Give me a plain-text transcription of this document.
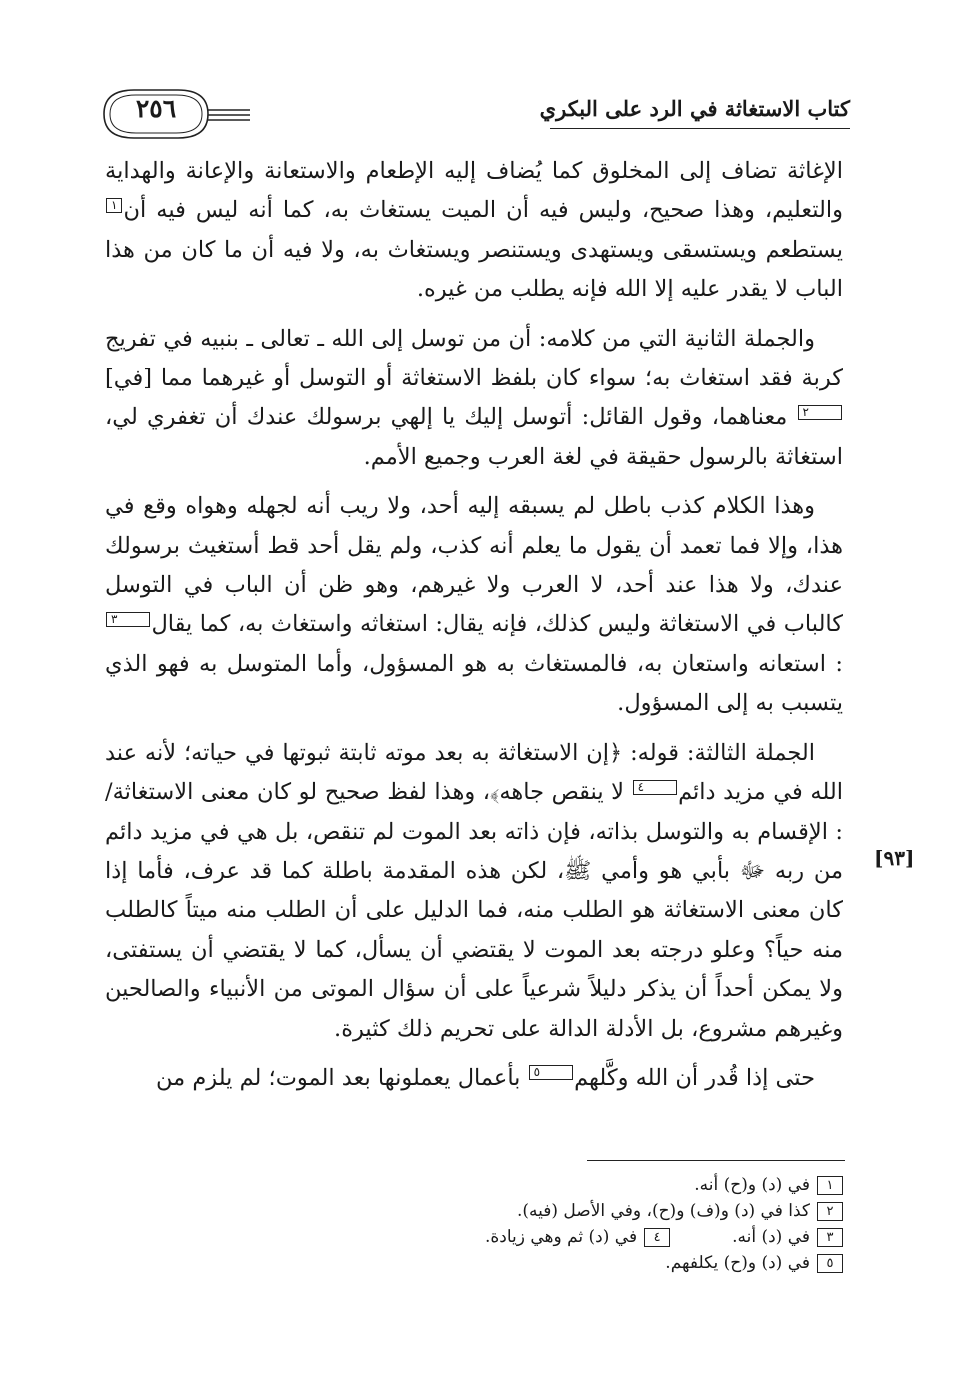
كتاب الاستغاثة في الرد على البكري
٢٥٦

الإغاثة تضاف إلى المخلوق كما يُضاف إليه الإطعام والاستعانة والإعانة والهداية والتعليم، وهذا صحيح، وليس فيه أن الميت يستغاث به، كما أنه ليس فيه أن١ يستطعم ويستسقى ويستهدى ويستنصر ويستغاث به، ولا فيه أن ما كان من هذا الباب لا يقدر عليه إلا الله فإنه يطلب من غيره.

والجملة الثانية التي من كلامه: أن من توسل إلى الله ـ تعالى ـ بنبيه في تفريج كربة فقد استغاث به؛ سواء كان بلفظ الاستغاثة أو التوسل أو غيرهما مما [في]٢ معناهما، وقول القائل: أتوسل إليك يا إلهي برسولك عندك أن تغفري لي، استغاثة بالرسول حقيقة في لغة العرب وجميع الأمم.

وهذا الكلام كذب باطل لم يسبقه إليه أحد، ولا ريب أنه لجهله وهواه وقع في هذا، وإلا فما تعمد أن يقول ما يعلم أنه كذب، ولم يقل أحد قط أستغيث برسولك عندك، ولا هذا عند أحد، لا العرب ولا غيرهم، وهو ظن أن الباب في التوسل كالباب في الاستغاثة وليس كذلك، فإنه يقال: استغاثه واستغاث به، كما يقال٣: استعانه واستعان به، فالمستغاث به هو المسؤول، وأما المتوسل به فهو الذي يتسبب به إلى المسؤول.

الجملة الثالثة: قوله: ﴿إن الاستغاثة به بعد موته ثابتة ثبوتها في حياته؛ لأنه عند الله في مزيد دائم٤ لا ينقص جاهه﴾، وهذا لفظ صحيح لو كان معنى الاستغاثة/ : الإقسام به والتوسل بذاته، فإن ذاته بعد الموت لم تنقص، بل هي في مزيد دائم من ربه ﷻ بأبي هو وأمي ﷺ، لكن هذه المقدمة باطلة كما قد عرف، فأما إذا كان معنى الاستغاثة هو الطلب منه، فما الدليل على أن الطلب منه ميتاً كالطلب منه حياً؟ وعلو درجته بعد الموت لا يقتضي أن يسأل، كما لا يقتضي أن يستفتى، ولا يمكن أحداً أن يذكر دليلاً شرعياً على أن سؤال الموتى من الأنبياء والصالحين وغيرهم مشروع، بل الأدلة الدالة على تحريم ذلك كثيرة.

حتى إذا قُدر أن الله وكَّلهم٥ بأعمال يعملونها بعد الموت؛ لم يلزم من

[٩٣]
١
في (د) و(ح) أنه.
٢
كذا في (د) و(ف) و(ح)، وفي الأصل (فيه).
٣
في (د) أنه.
٤
في (د) ثم وهي زيادة.
٥
في (د) و(ح) يكلفهم.
